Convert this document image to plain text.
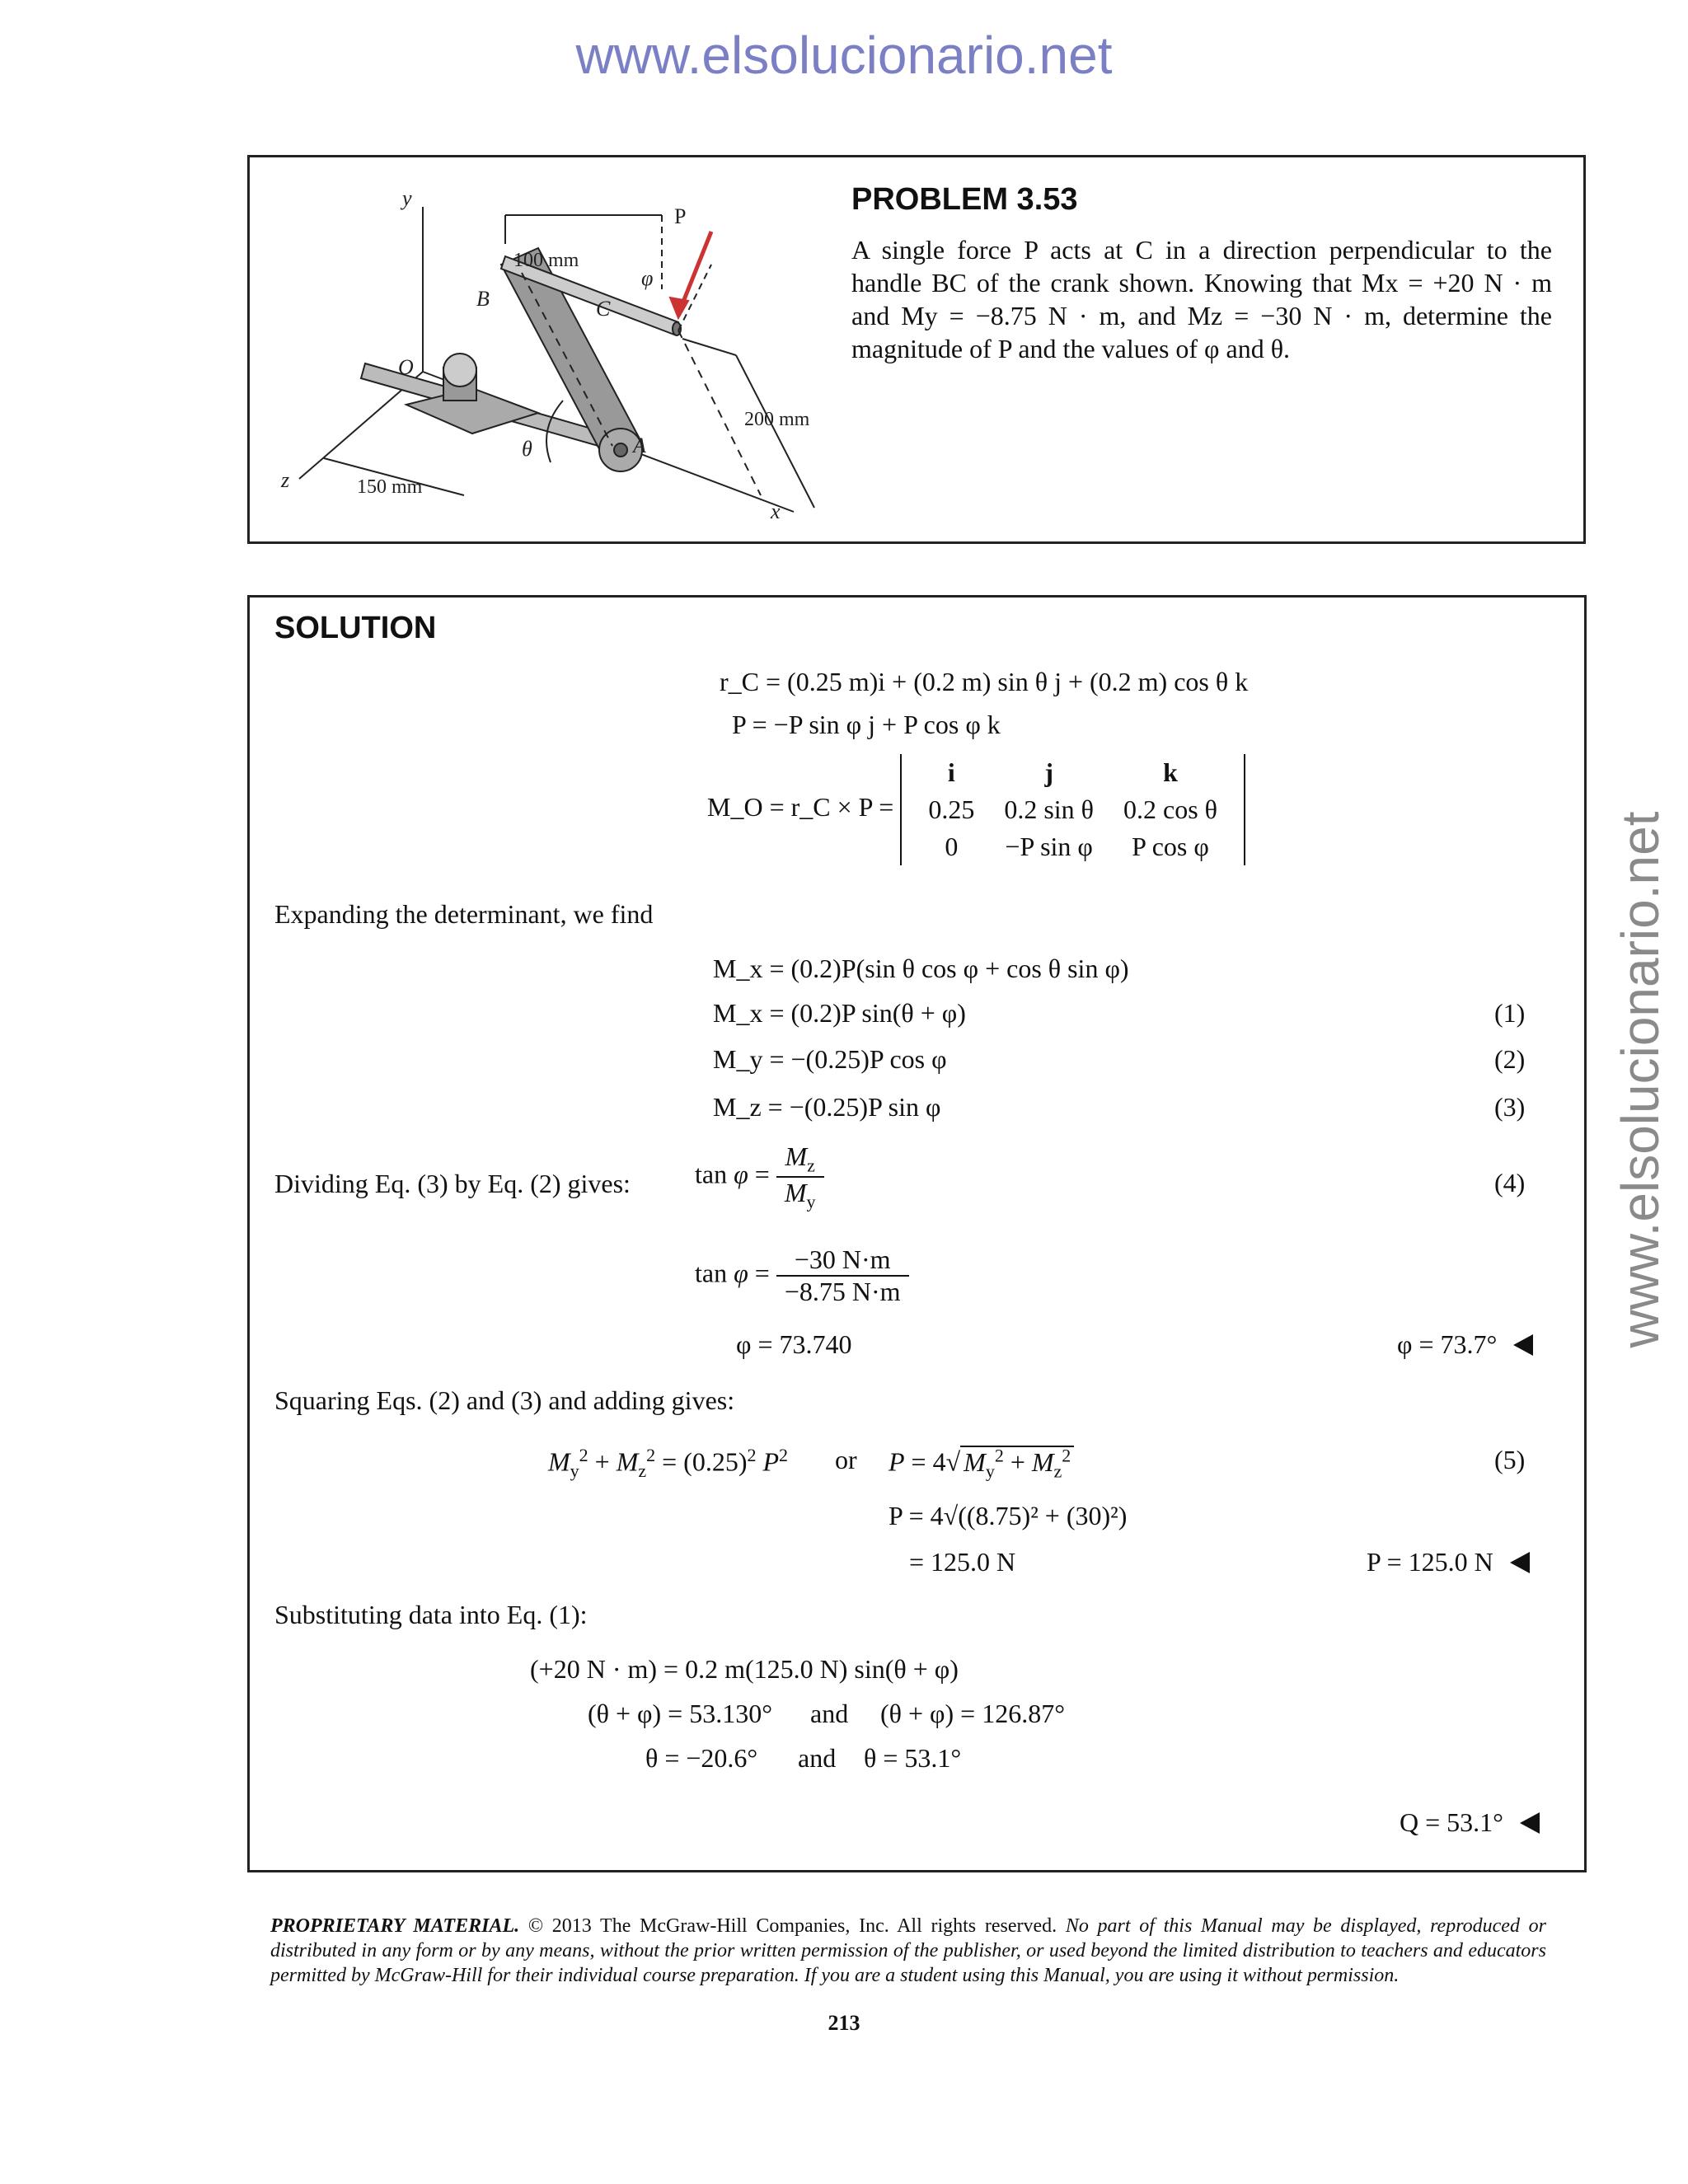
www.elsolucionario.net
www.elsolucionario.net
y
P
B	C
O
A
θ
φ
z
x
100 mm
200 mm
150 mm
PROBLEM 3.53
A single force P acts at C in a direction perpendicular to the handle BC of the crank shown. Knowing that Mx = +20 N · m and My = −8.75 N · m, and Mz = −30 N · m, determine the magnitude of P and the values of φ and θ.
SOLUTION
r_C = (0.25 m)i + (0.2 m) sin θ j + (0.2 m) cos θ k
P = −P sin φ j + P cos φ k
M_O = r_C × P =
i	j	k
0.25	0.2 sin θ	0.2 cos θ
0	−P sin φ	P cos φ
Expanding the determinant, we find
M_x = (0.2)P(sin θ cos φ + cos θ sin φ)
M_x = (0.2)P sin(θ + φ)	(1)
M_y = −(0.25)P cos φ	(2)
M_z = −(0.25)P sin φ	(3)
Dividing Eq. (3) by Eq. (2) gives: $\tan \varphi = \frac{M_z}{M_y}$	(4)
$\tan \varphi = \frac{-30 N\cdot m}{-8.75 N\cdot m}$
φ = 73.740	φ = 73.7°
Squaring Eqs. (2) and (3) and adding gives:
$M_y^2 + M_z^2 = (0.25)^2$ $P^2$ or P = 4√ $M_y^2 + M_z^2$	(5)
P = 4√((8.75)² + (30)²)
= 125.0 N	P = 125.0 N
Substituting data into Eq. (1):
(+20 N · m) = 0.2 m(125.0 N) sin(θ + φ)
(θ + φ) = 53.130° and (θ + φ) = 126.87°
θ = −20.6° and θ = 53.1°
Q = 53.1°
PROPRIETARY MATERIAL. © 2013 The McGraw-Hill Companies, Inc. All rights reserved. No part of this Manual may be displayed, reproduced or distributed in any form or by any means, without the prior written permission of the publisher, or used beyond the limited distribution to teachers and educators permitted by McGraw-Hill for their individual course preparation. If you are a student using this Manual, you are using it without permission.
213
